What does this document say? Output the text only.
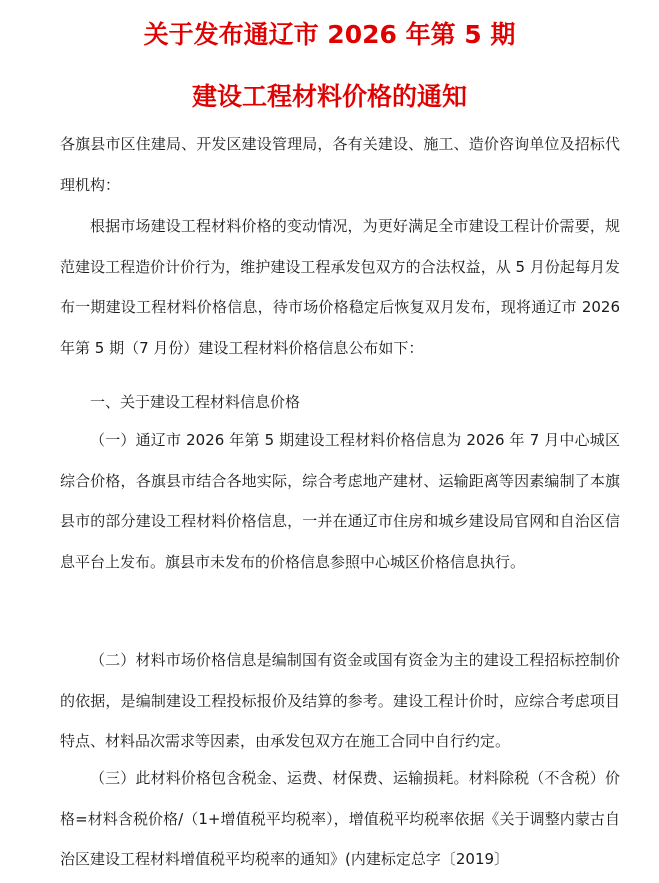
关于发布通辽市 2026 年第 5 期
建设工程材料价格的通知

各旗县市区住建局、开发区建设管理局，各有关建设、施工、造价咨询单位及招标代理机构：

根据市场建设工程材料价格的变动情况，为更好满足全市建设工程计价需要，规范建设工程造价计价行为，维护建设工程承发包双方的合法权益，从 5 月份起每月发布一期建设工程材料价格信息，待市场价格稳定后恢复双月发布，现将通辽市 2026 年第 5 期（7 月份）建设工程材料价格信息公布如下：

一、关于建设工程材料信息价格

（一）通辽市 2026 年第 5 期建设工程材料价格信息为 2026 年 7 月中心城区综合价格，各旗县市结合各地实际，综合考虑地产建材、运输距离等因素编制了本旗县市的部分建设工程材料价格信息，一并在通辽市住房和城乡建设局官网和自治区信息平台上发布。旗县市未发布的价格信息参照中心城区价格信息执行。

（二）材料市场价格信息是编制国有资金或国有资金为主的建设工程招标控制价的依据，是编制建设工程投标报价及结算的参考。建设工程计价时，应综合考虑项目特点、材料品次需求等因素，由承发包双方在施工合同中自行约定。

（三）此材料价格包含税金、运费、材保费、运输损耗。材料除税（不含税）价格=材料含税价格/（1+增值税平均税率），增值税平均税率依据《关于调整内蒙古自治区建设工程材料增值税平均税率的通知》(内建标定总字〔2019〕
